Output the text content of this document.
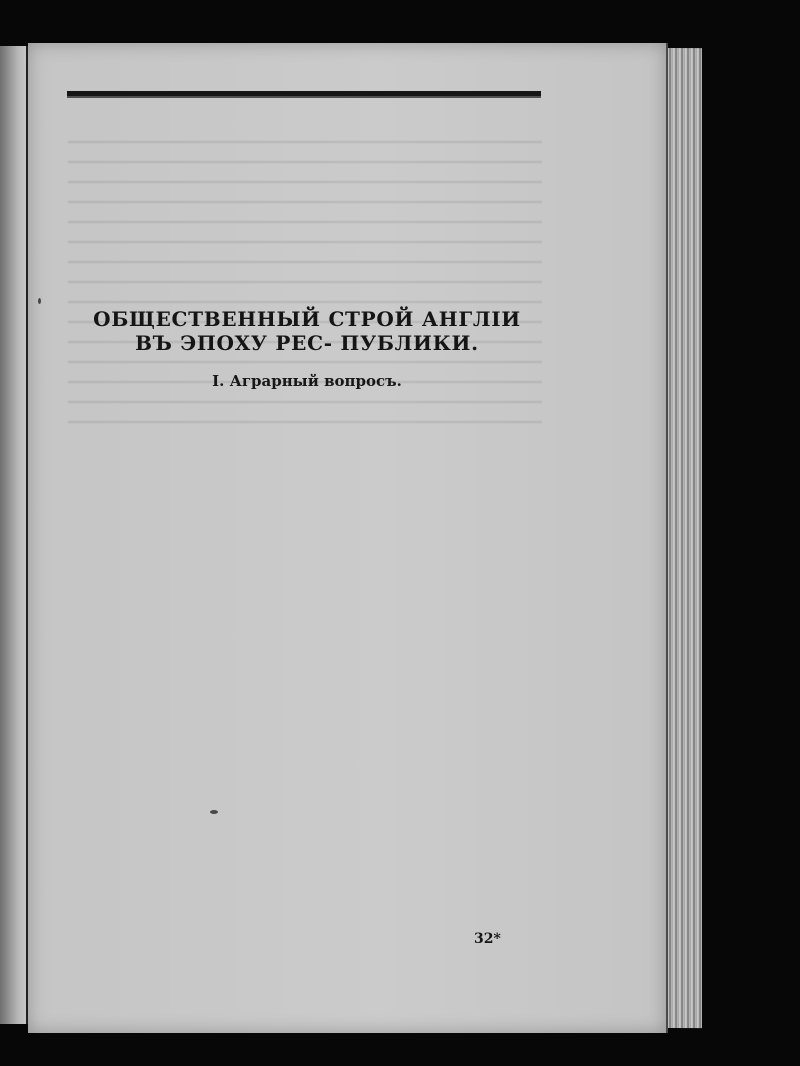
ОБЩЕСТВЕННЫЙ СТРОЙ АНГЛІИ ВЪ ЭПОХУ РЕС- ПУБЛИКИ.
I. Аграрный вопросъ.
32*
